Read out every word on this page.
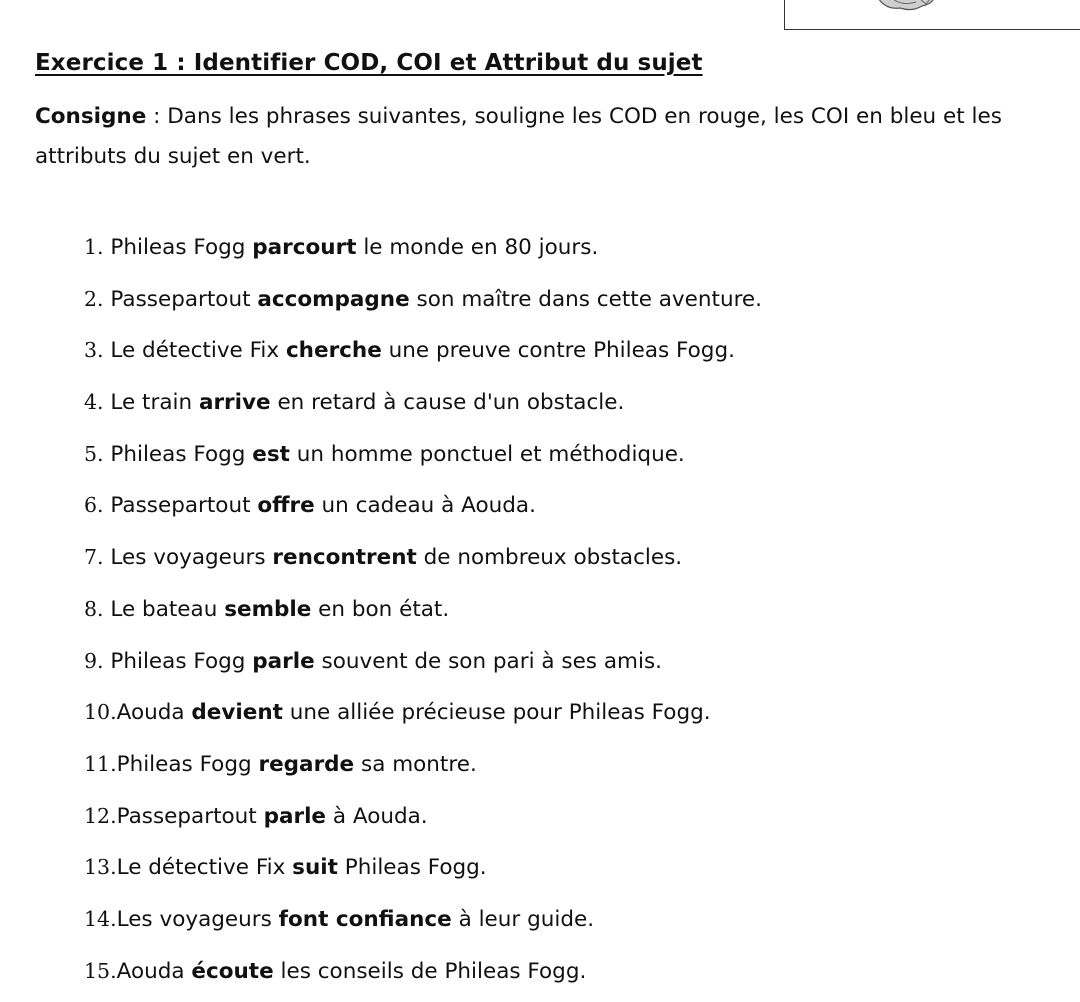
Exercice 1 : Identifier COD, COI et Attribut du sujet
Consigne : Dans les phrases suivantes, souligne les COD en rouge, les COI en bleu et les attributs du sujet en vert.
1. Phileas Fogg parcourt le monde en 80 jours.
2. Passepartout accompagne son maître dans cette aventure.
3. Le détective Fix cherche une preuve contre Phileas Fogg.
4. Le train arrive en retard à cause d'un obstacle.
5. Phileas Fogg est un homme ponctuel et méthodique.
6. Passepartout offre un cadeau à Aouda.
7. Les voyageurs rencontrent de nombreux obstacles.
8. Le bateau semble en bon état.
9. Phileas Fogg parle souvent de son pari à ses amis.
10.Aouda devient une alliée précieuse pour Phileas Fogg.
11.Phileas Fogg regarde sa montre.
12.Passepartout parle à Aouda.
13.Le détective Fix suit Phileas Fogg.
14.Les voyageurs font confiance à leur guide.
15.Aouda écoute les conseils de Phileas Fogg.
